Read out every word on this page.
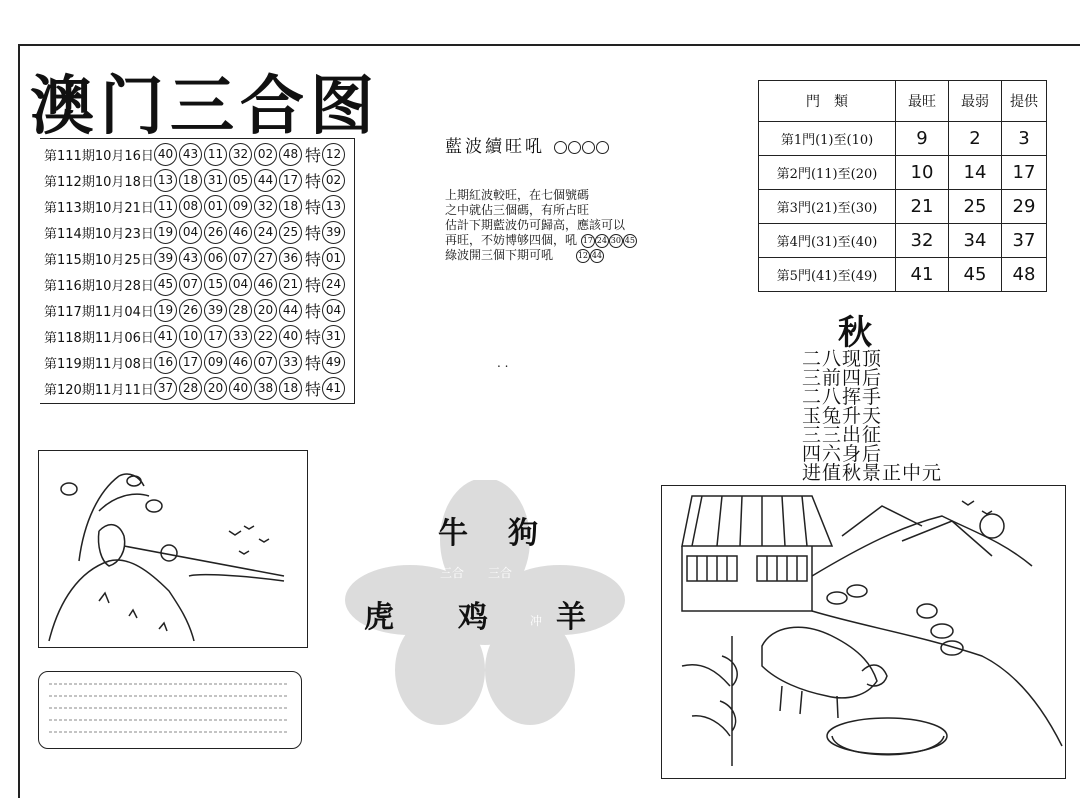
澳门三合图
第111期10月16日 40 43 11 32 02 48 特 12
第112期10月18日 13 18 31 05 44 17 特 02
第113期10月21日 11 08 01 09 32 18 特 13
第114期10月23日 19 04 26 46 24 25 特 39
第115期10月25日 39 43 06 07 27 36 特 01
第116期10月28日 45 07 15 04 46 21 特 24
第117期11月04日 19 26 39 28 20 44 特 04
第118期11月06日 41 10 17 33 22 40 特 31
第119期11月08日 16 17 09 46 07 33 特 49
第120期11月11日 37 28 20 40 38 18 特 41
藍波續旺吼
上期紅波較旺，在七個號碼
之中就佔三個碼，有所占旺
估計下期藍波仍可歸高，應該可以
再旺，不妨博够四個，吼 17 24 30 45
綠波開三個下期可吼	12 44
. .
門　類	最旺	最弱	提供
第1門(1)至(10)	9	2	3
第2門(11)至(20)	10	14	17
第3門(21)至(30)	21	25	29
第4門(31)至(40)	32	34	37
第5門(41)至(49)	41	45	48
秋
二八现顶
三前四后
二八挥手
玉兔升天
三三出征
四六身后
进值秋景正中元
三合 三合
冲
牛 狗
虎 鸡 羊
